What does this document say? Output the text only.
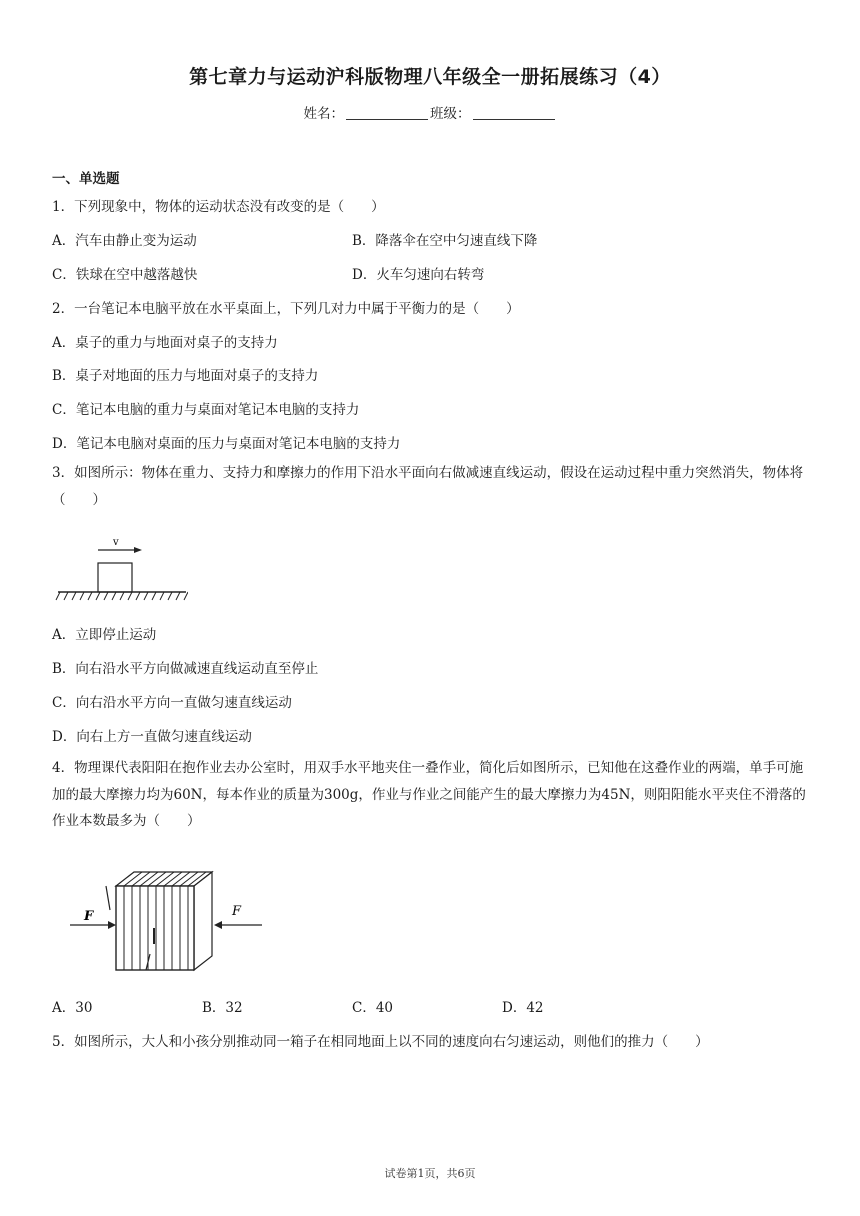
第七章力与运动沪科版物理八年级全一册拓展练习（4）
姓名：	班级：
一、单选题
1．下列现象中，物体的运动状态没有改变的是（　　）
A．汽车由静止变为运动	B．降落伞在空中匀速直线下降
C．铁球在空中越落越快	D．火车匀速向右转弯
2．一台笔记本电脑平放在水平桌面上，下列几对力中属于平衡力的是（　　）
A．桌子的重力与地面对桌子的支持力
B．桌子对地面的压力与地面对桌子的支持力
C．笔记本电脑的重力与桌面对笔记本电脑的支持力
D．笔记本电脑对桌面的压力与桌面对笔记本电脑的支持力
3．如图所示：物体在重力、支持力和摩擦力的作用下沿水平面向右做减速直线运动，假设在运动过程中重力突然消失，物体将（　　）
v
A．立即停止运动
B．向右沿水平方向做减速直线运动直至停止
C．向右沿水平方向一直做匀速直线运动
D．向右上方一直做匀速直线运动
4．物理课代表阳阳在抱作业去办公室时，用双手水平地夹住一叠作业，简化后如图所示，已知他在这叠作业的两端，单手可施加的最大摩擦力均为60N，每本作业的质量为300g，作业与作业之间能产生的最大摩擦力为45N，则阳阳能水平夹住不滑落的作业本数最多为（　　）
F	F
A．30	B．32	C．40	D．42
5．如图所示，大人和小孩分别推动同一箱子在相同地面上以不同的速度向右匀速运动，则他们的推力（　　）
试卷第1页，共6页
